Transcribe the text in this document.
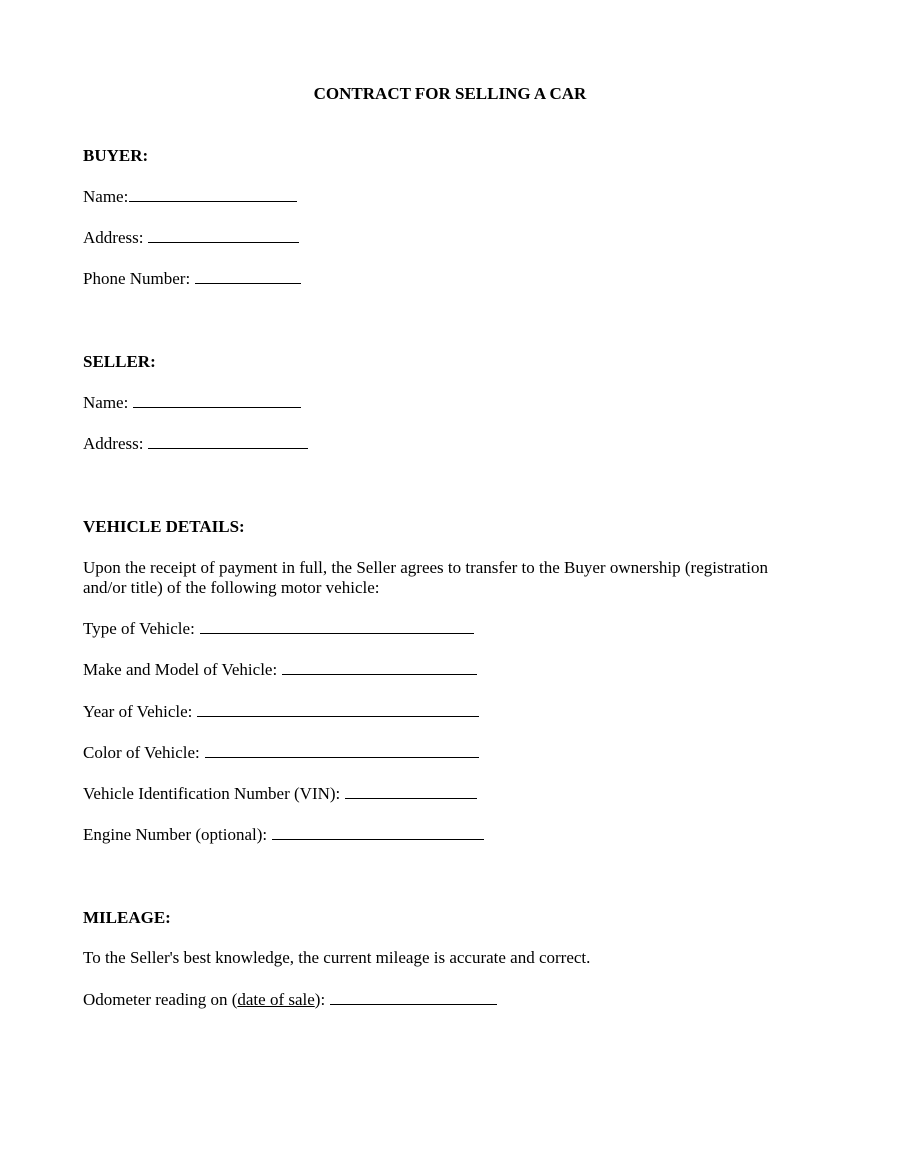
CONTRACT FOR SELLING A CAR
BUYER:
Name:
Address:
Phone Number:
SELLER:
Name:
Address:
VEHICLE DETAILS:
Upon the receipt of payment in full, the Seller agrees to transfer to the Buyer ownership (registration and/or title) of the following motor vehicle:
Type of Vehicle:
Make and Model of Vehicle:
Year of Vehicle:
Color of Vehicle:
Vehicle Identification Number (VIN):
Engine Number (optional):
MILEAGE:
To the Seller's best knowledge, the current mileage is accurate and correct.
Odometer reading on (date of sale):
